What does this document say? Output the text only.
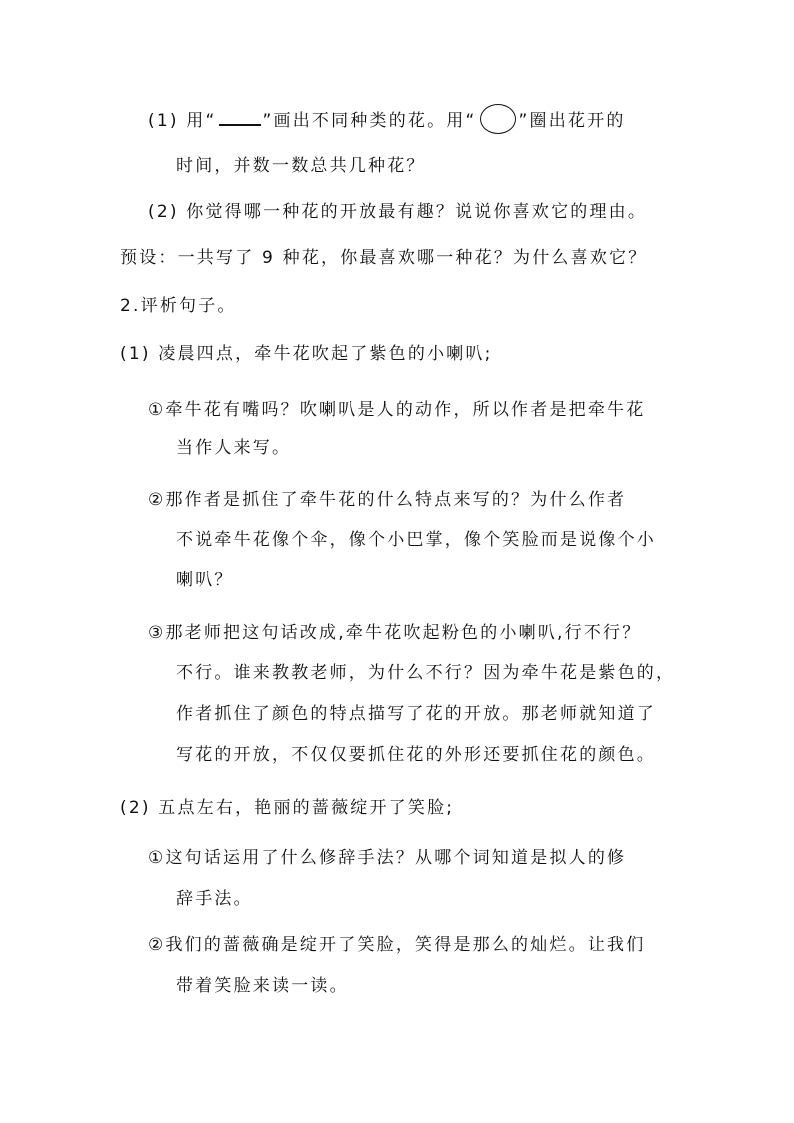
(1) 用“	”画出不同种类的花。用“ ”圈出花开的
时间，并数一数总共几种花？
(2) 你觉得哪一种花的开放最有趣？说说你喜欢它的理由。
预设：一共写了 9 种花，你最喜欢哪一种花？为什么喜欢它？
2.评析句子。
(1) 凌晨四点，牵牛花吹起了紫色的小喇叭;
①牵牛花有嘴吗？吹喇叭是人的动作，所以作者是把牵牛花
当作人来写。
②那作者是抓住了牵牛花的什么特点来写的？为什么作者
不说牵牛花像个伞，像个小巴掌，像个笑脸而是说像个小
喇叭？
③那老师把这句话改成,牵牛花吹起粉色的小喇叭,行不行？
不行。谁来教教老师，为什么不行？因为牵牛花是紫色的，
作者抓住了颜色的特点描写了花的开放。那老师就知道了
写花的开放，不仅仅要抓住花的外形还要抓住花的颜色。
(2) 五点左右，艳丽的蔷薇绽开了笑脸;
①这句话运用了什么修辞手法？从哪个词知道是拟人的修
辞手法。
②我们的蔷薇确是绽开了笑脸，笑得是那么的灿烂。让我们
带着笑脸来读一读。
